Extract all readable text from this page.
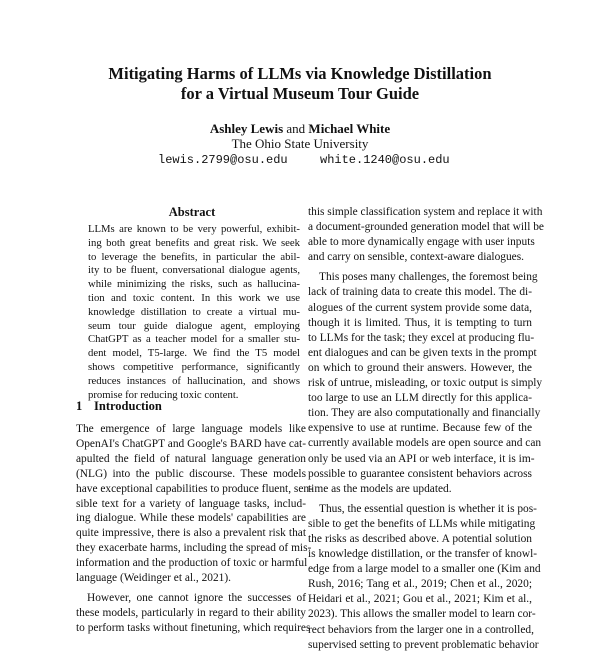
Mitigating Harms of LLMs via Knowledge Distillation
for a Virtual Museum Tour Guide
Ashley Lewis and Michael White
The Ohio State University
lewis.2799@osu.edu	white.1240@osu.edu
Abstract
LLMs are known to be very powerful, exhibit-
ing both great benefits and great risk. We seek
to leverage the benefits, in particular the abil-
ity to be fluent, conversational dialogue agents,
while minimizing the risks, such as hallucina-
tion and toxic content. In this work we use
knowledge distillation to create a virtual mu-
seum tour guide dialogue agent, employing
ChatGPT as a teacher model for a smaller stu-
dent model, T5-large. We find the T5 model
shows competitive performance, significantly
reduces instances of hallucination, and shows
promise for reducing toxic content.
1 Introduction
The emergence of large language models like
OpenAI's ChatGPT and Google's BARD have cat-
apulted the field of natural language generation
(NLG) into the public discourse. These models
have exceptional capabilities to produce fluent, sen-
sible text for a variety of language tasks, includ-
ing dialogue. While these models' capabilities are
quite impressive, there is also a prevalent risk that
they exacerbate harms, including the spread of mis-
information and the production of toxic or harmful
language (Weidinger et al., 2021).
However, one cannot ignore the successes of
these models, particularly in regard to their ability
to perform tasks without finetuning, which requires
this simple classification system and replace it with
a document-grounded generation model that will be
able to more dynamically engage with user inputs
and carry on sensible, context-aware dialogues.
This poses many challenges, the foremost being
lack of training data to create this model. The di-
alogues of the current system provide some data,
though it is limited. Thus, it is tempting to turn
to LLMs for the task; they excel at producing flu-
ent dialogues and can be given texts in the prompt
on which to ground their answers. However, the
risk of untrue, misleading, or toxic output is simply
too large to use an LLM directly for this applica-
tion. They are also computationally and financially
expensive to use at runtime. Because few of the
currently available models are open source and can
only be used via an API or web interface, it is im-
possible to guarantee consistent behaviors across
time as the models are updated.
Thus, the essential question is whether it is pos-
sible to get the benefits of LLMs while mitigating
the risks as described above. A potential solution
is knowledge distillation, or the transfer of knowl-
edge from a large model to a smaller one (Kim and
Rush, 2016; Tang et al., 2019; Chen et al., 2020;
Heidari et al., 2021; Gou et al., 2021; Kim et al.,
2023). This allows the smaller model to learn cor-
rect behaviors from the larger one in a controlled,
supervised setting to prevent problematic behavior
